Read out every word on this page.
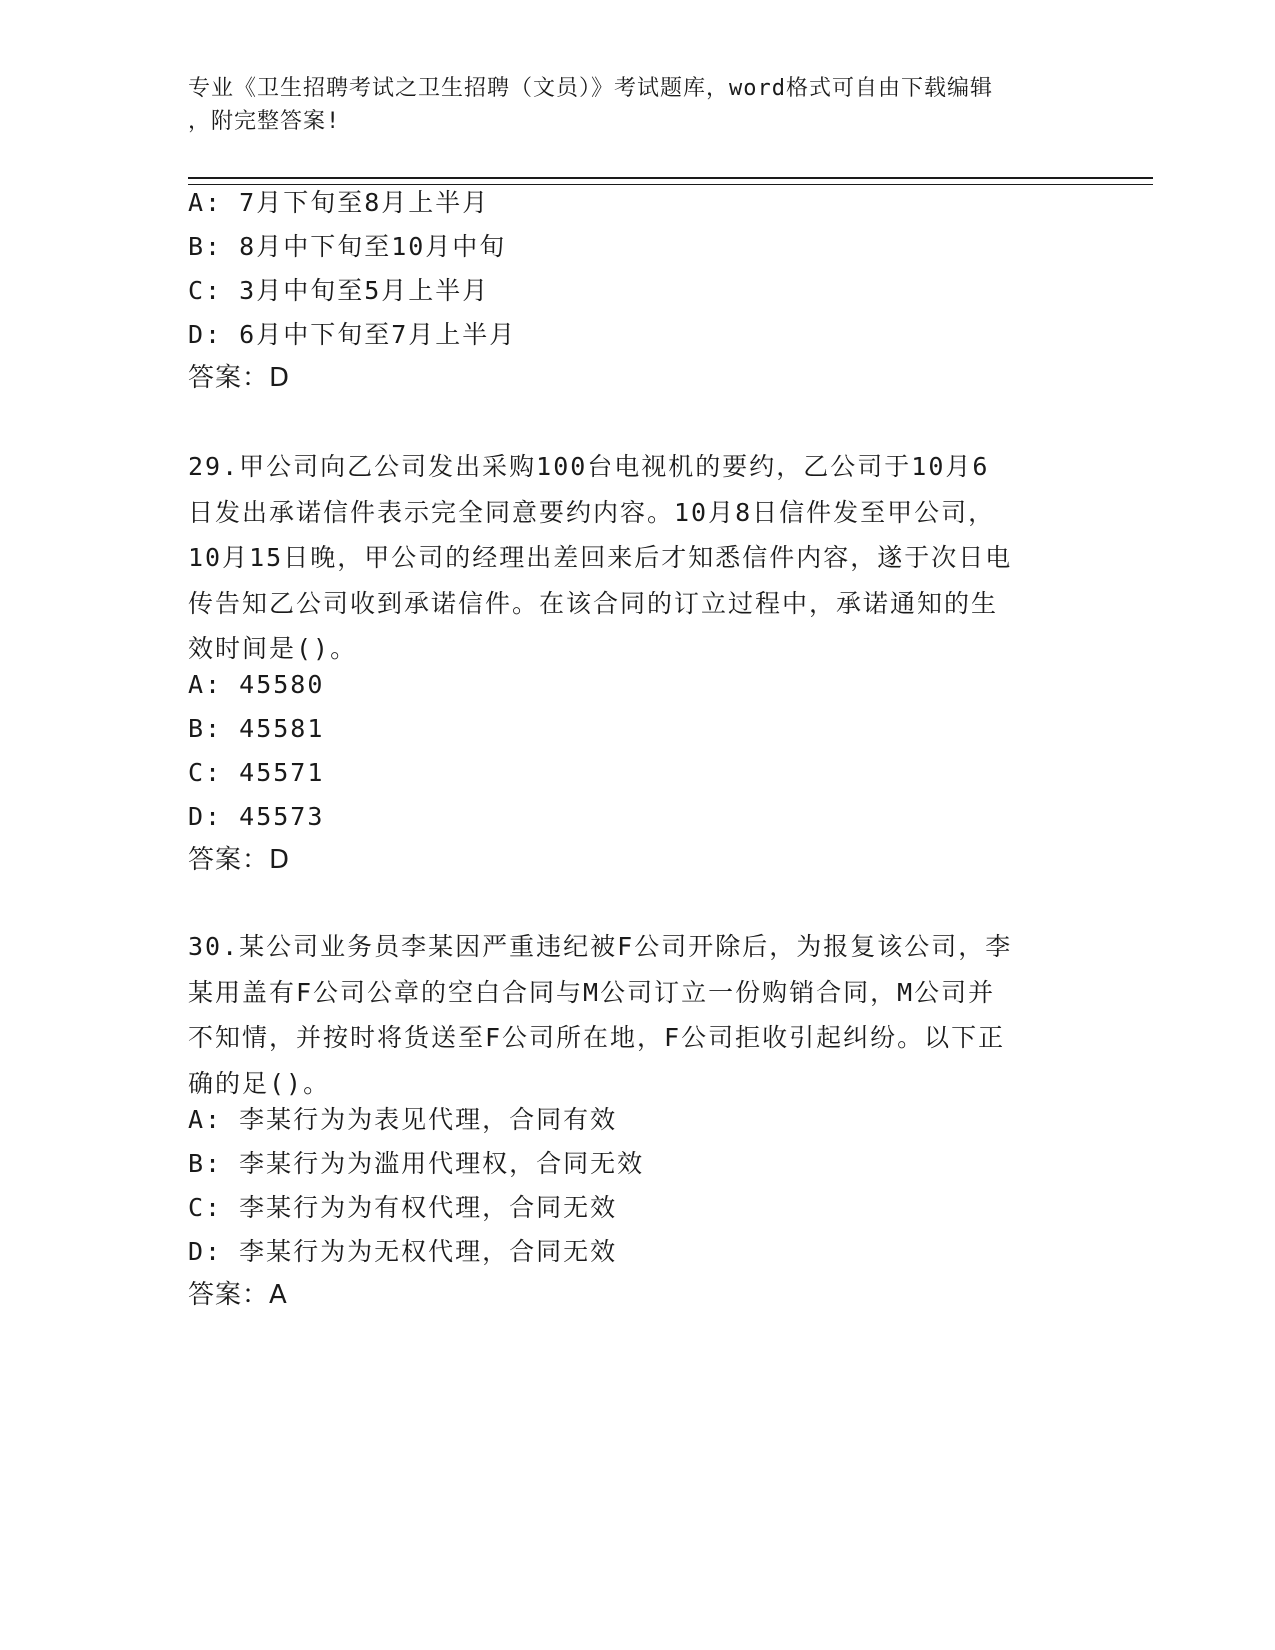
专业《卫生招聘考试之卫生招聘（文员）》考试题库，word格式可自由下载编辑
，附完整答案!
A: 7月下旬至8月上半月
B: 8月中下旬至10月中旬
C: 3月中旬至5月上半月
D: 6月中下旬至7月上半月
答案：D
29.甲公司向乙公司发出采购100台电视机的要约，乙公司于10月6
日发出承诺信件表示完全同意要约内容。10月8日信件发至甲公司，
10月15日晚，甲公司的经理出差回来后才知悉信件内容，遂于次日电
传告知乙公司收到承诺信件。在该合同的订立过程中，承诺通知的生
效时间是()。
A: 45580
B: 45581
C: 45571
D: 45573
答案：D
30.某公司业务员李某因严重违纪被F公司开除后，为报复该公司，李
某用盖有F公司公章的空白合同与M公司订立一份购销合同，M公司并
不知情，并按时将货送至F公司所在地，F公司拒收引起纠纷。以下正
确的足()。
A: 李某行为为表见代理，合同有效
B: 李某行为为滥用代理权，合同无效
C: 李某行为为有权代理，合同无效
D: 李某行为为无权代理，合同无效
答案：A
